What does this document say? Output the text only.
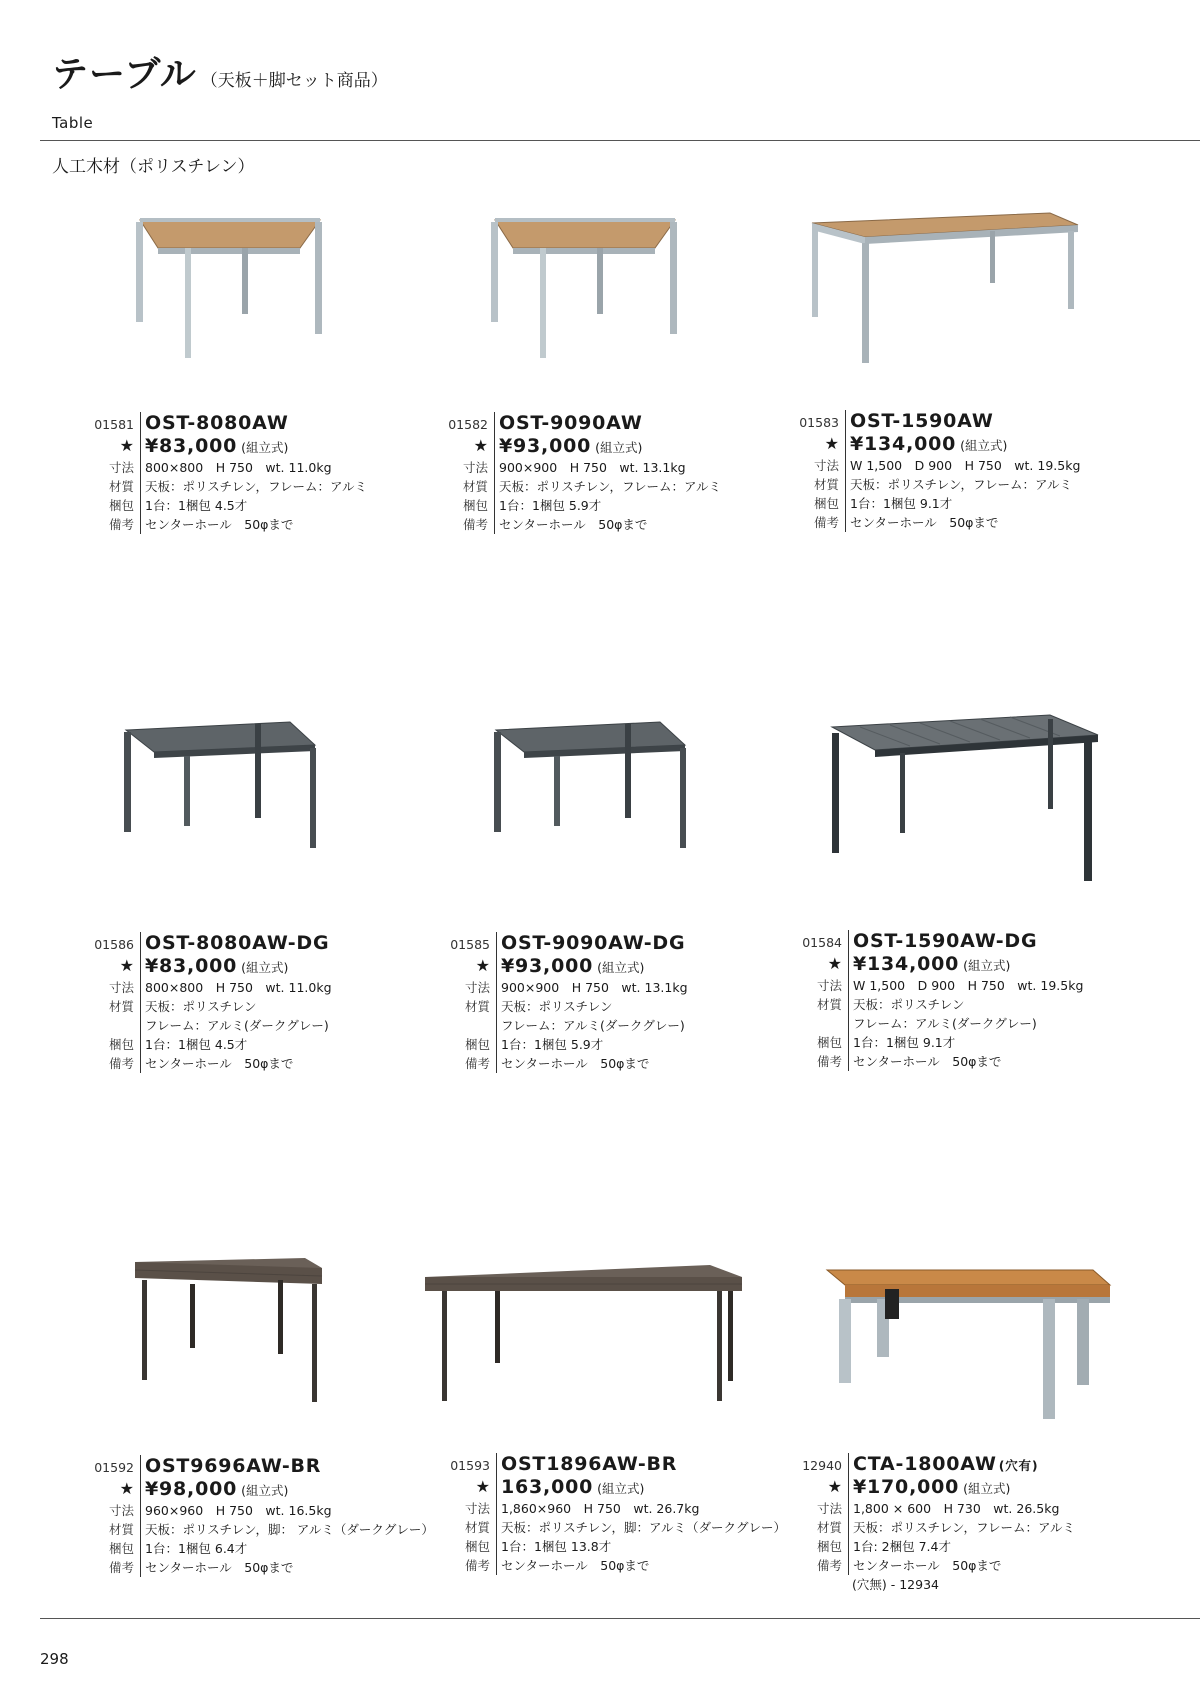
テーブル （天板＋脚セット商品）
Table
人工木材（ポリスチレン）
01581 OST-8080AW
★ ¥83,000 (組立式)
寸法 800×800　H 750　wt. 11.0kg
材質 天板：ポリスチレン，フレーム：アルミ
梱包 1台：1梱包 4.5才
備考 センターホール　50φまで
01582 OST-9090AW
★ ¥93,000 (組立式)
寸法 900×900　H 750　wt. 13.1kg
材質 天板：ポリスチレン，フレーム：アルミ
梱包 1台：1梱包 5.9才
備考 センターホール　50φまで
01583 OST-1590AW
★ ¥134,000 (組立式)
寸法 W 1,500　D 900　H 750　wt. 19.5kg
材質 天板：ポリスチレン，フレーム：アルミ
梱包 1台：1梱包 9.1才
備考 センターホール　50φまで
01586 OST-8080AW-DG
★ ¥83,000 (組立式)
寸法 800×800　H 750　wt. 11.0kg
材質 天板：ポリスチレン
フレーム：アルミ(ダークグレー)
梱包 1台：1梱包 4.5才
備考 センターホール　50φまで
01585 OST-9090AW-DG
★ ¥93,000 (組立式)
寸法 900×900　H 750　wt. 13.1kg
材質 天板：ポリスチレン
フレーム：アルミ(ダークグレー)
梱包 1台：1梱包 5.9才
備考 センターホール　50φまで
01584 OST-1590AW-DG
★ ¥134,000 (組立式)
寸法 W 1,500　D 900　H 750　wt. 19.5kg
材質 天板：ポリスチレン
フレーム：アルミ(ダークグレー)
梱包 1台：1梱包 9.1才
備考 センターホール　50φまで
01592 OST9696AW-BR
★ ¥98,000 (組立式)
寸法 960×960　H 750　wt. 16.5kg
材質 天板：ポリスチレン，脚： アルミ（ダークグレー）
梱包 1台：1梱包 6.4才
備考 センターホール　50φまで
01593 OST1896AW-BR
★ 163,000 (組立式)
寸法 1,860×960　H 750　wt. 26.7kg
材質 天板：ポリスチレン，脚：アルミ（ダークグレー）
梱包 1台：1梱包 13.8才
備考 センターホール　50φまで
12940 CTA-1800AW (穴有)
★ ¥170,000 (組立式)
寸法 1,800 × 600　H 730　wt. 26.5kg
材質 天板：ポリスチレン，フレーム：アルミ
梱包 1台: 2梱包 7.4才
備考 センターホール　50φまで
(穴無) - 12934
298
